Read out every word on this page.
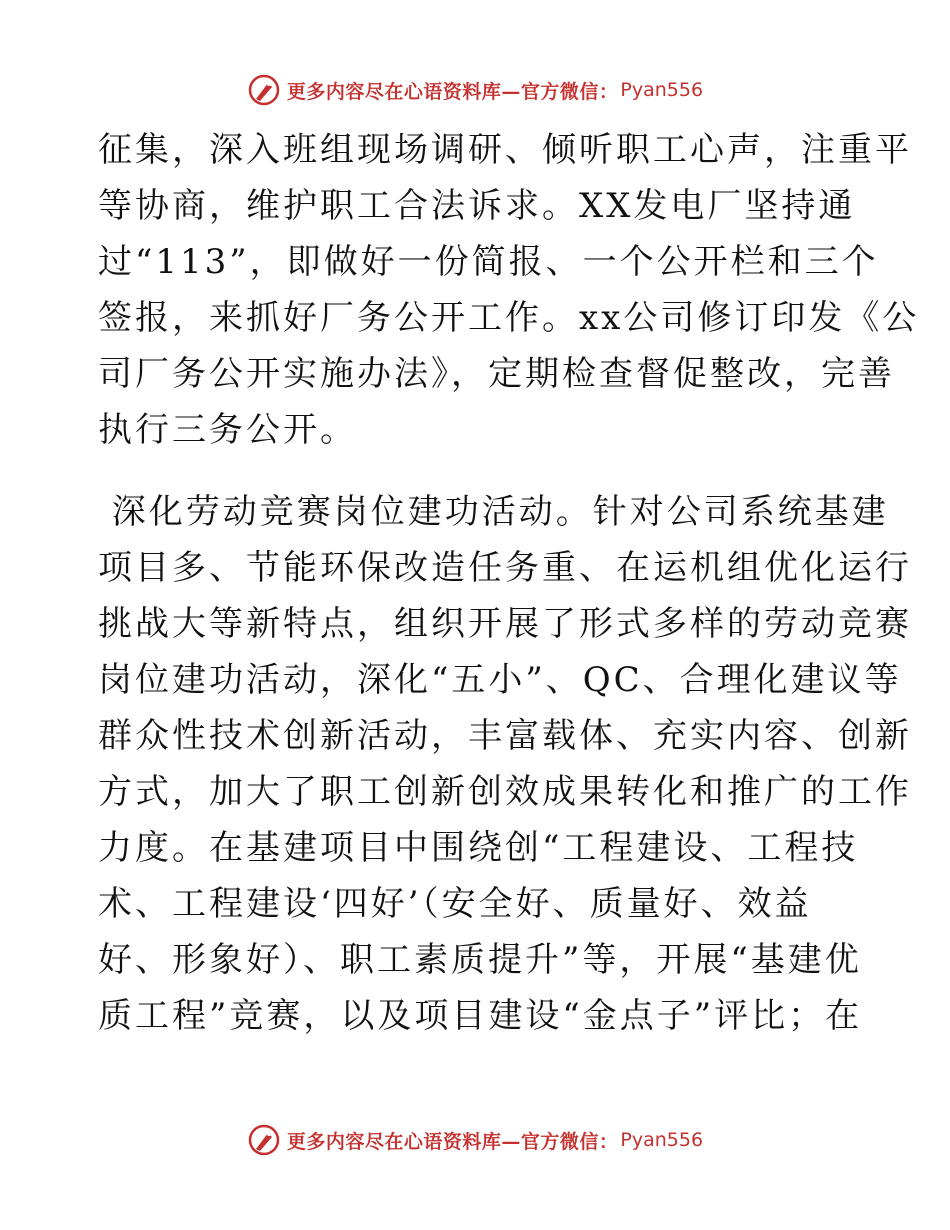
更多内容尽在心语资料库—官方微信： Pyan556
征集，深入班组现场调研、倾听职工心声，注重平
等协商，维护职工合法诉求。XX发电厂坚持通
过“113”，即做好一份简报、一个公开栏和三个
签报，来抓好厂务公开工作。xx公司修订印发《公
司厂务公开实施办法》，定期检查督促整改，完善
执行三务公开。
深化劳动竞赛岗位建功活动。针对公司系统基建
项目多、节能环保改造任务重、在运机组优化运行
挑战大等新特点，组织开展了形式多样的劳动竞赛
岗位建功活动，深化“五小”、QC、合理化建议等
群众性技术创新活动，丰富载体、充实内容、创新
方式，加大了职工创新创效成果转化和推广的工作
力度。在基建项目中围绕创“工程建设、工程技
术、工程建设‘四好’（安全好、质量好、效益
好、形象好）、职工素质提升”等，开展“基建优
质工程”竞赛，以及项目建设“金点子”评比；在
更多内容尽在心语资料库—官方微信： Pyan556
